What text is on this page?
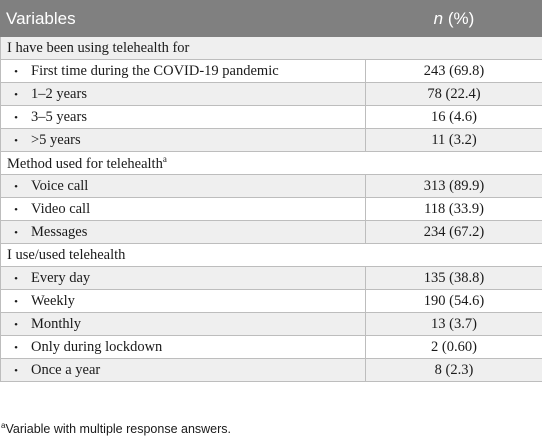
Variables	n (%)
I have been using telehealth for	
• First time during the COVID-19 pandemic	243 (69.8)
• 1–2 years	78 (22.4)
• 3–5 years	16 (4.6)
• >5 years	11 (3.2)
Method used for telehealth$^a$
• Voice call	313 (89.9)
• Video call	118 (33.9)
• Messages	234 (67.2)
I use/used telehealth	
• Every day	135 (38.8)
• Weekly	190 (54.6)
• Monthly	13 (3.7)
• Only during lockdown	2 (0.60)
• Once a year	8 (2.3)
$^a$Variable with multiple response answers.
